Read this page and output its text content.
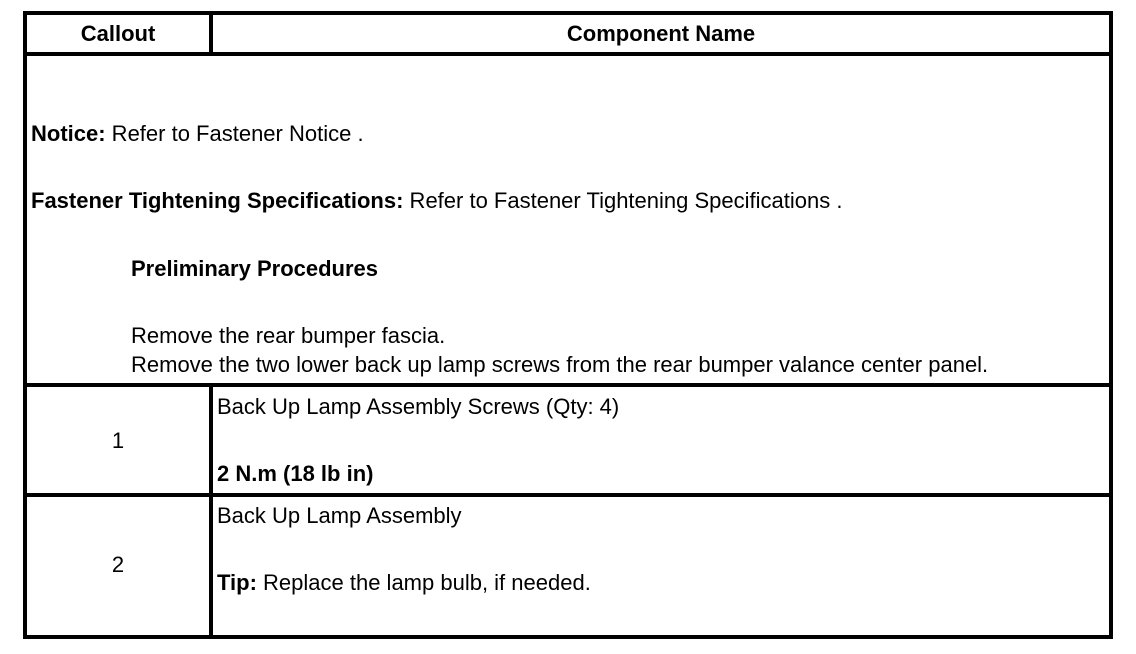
Callout	Component Name
Notice: Refer to Fastener Notice .
Fastener Tightening Specifications: Refer to Fastener Tightening Specifications .
Preliminary Procedures
Remove the rear bumper fascia.
Remove the two lower back up lamp screws from the rear bumper valance center panel.
1
Back Up Lamp Assembly Screws (Qty: 4)
2 N.m (18 lb in)
2
Back Up Lamp Assembly
Tip: Replace the lamp bulb, if needed.
